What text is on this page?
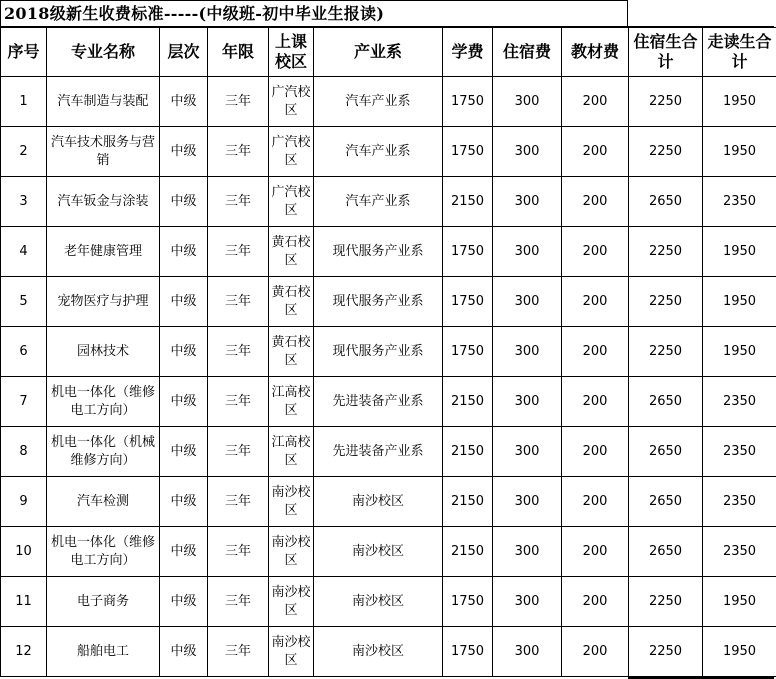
2018级新生收费标准-----(中级班-初中毕业生报读)
序号	专业名称	层次	年限	上课校区	产业系	学费	住宿费	教材费	住宿生合计	走读生合计
1	汽车制造与装配	中级	三年	广汽校区	汽车产业系	1750	300	200	2250	1950
2	汽车技术服务与营销	中级	三年	广汽校区	汽车产业系	1750	300	200	2250	1950
3	汽车钣金与涂装	中级	三年	广汽校区	汽车产业系	2150	300	200	2650	2350
4	老年健康管理	中级	三年	黄石校区	现代服务产业系	1750	300	200	2250	1950
5	宠物医疗与护理	中级	三年	黄石校区	现代服务产业系	1750	300	200	2250	1950
6	园林技术	中级	三年	黄石校区	现代服务产业系	1750	300	200	2250	1950
7	机电一体化（维修电工方向）	中级	三年	江高校区	先进装备产业系	2150	300	200	2650	2350
8	机电一体化（机械维修方向）	中级	三年	江高校区	先进装备产业系	2150	300	200	2650	2350
9	汽车检测	中级	三年	南沙校区	南沙校区	2150	300	200	2650	2350
10	机电一体化（维修电工方向）	中级	三年	南沙校区	南沙校区	2150	300	200	2650	2350
11	电子商务	中级	三年	南沙校区	南沙校区	1750	300	200	2250	1950
12	船舶电工	中级	三年	南沙校区	南沙校区	1750	300	200	2250	1950
